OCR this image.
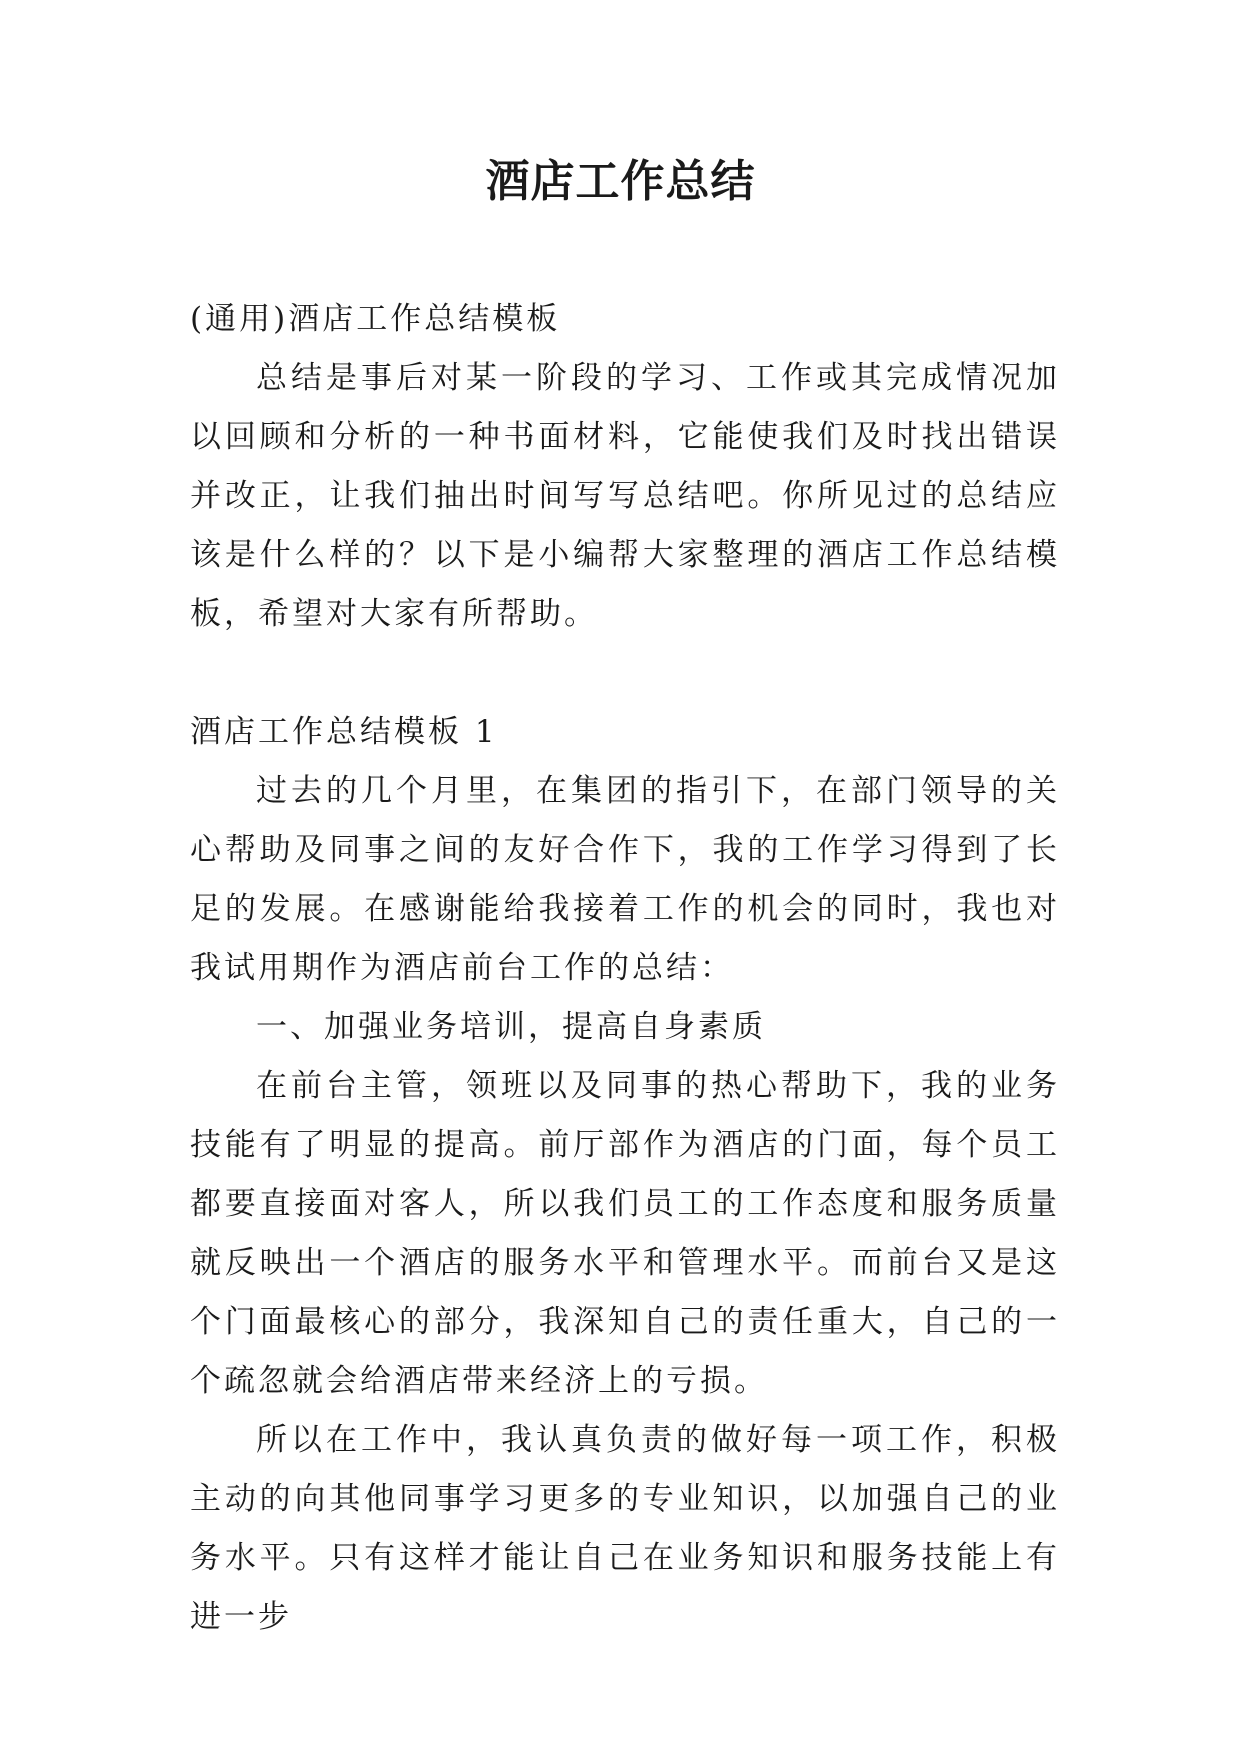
酒店工作总结

(通用)酒店工作总结模板

总结是事后对某一阶段的学习、工作或其完成情况加以回顾和分析的一种书面材料，它能使我们及时找出错误并改正，让我们抽出时间写写总结吧。你所见过的总结应该是什么样的？以下是小编帮大家整理的酒店工作总结模板，希望对大家有所帮助。

酒店工作总结模板 1

过去的几个月里，在集团的指引下，在部门领导的关心帮助及同事之间的友好合作下，我的工作学习得到了长足的发展。在感谢能给我接着工作的机会的同时，我也对我试用期作为酒店前台工作的总结：

一、加强业务培训，提高自身素质

在前台主管，领班以及同事的热心帮助下，我的业务技能有了明显的提高。前厅部作为酒店的门面，每个员工都要直接面对客人，所以我们员工的工作态度和服务质量就反映出一个酒店的服务水平和管理水平。而前台又是这个门面最核心的部分，我深知自己的责任重大，自己的一个疏忽就会给酒店带来经济上的亏损。

所以在工作中，我认真负责的做好每一项工作，积极主动的向其他同事学习更多的专业知识，以加强自己的业务水平。只有这样才能让自己在业务知识和服务技能上有进一步
